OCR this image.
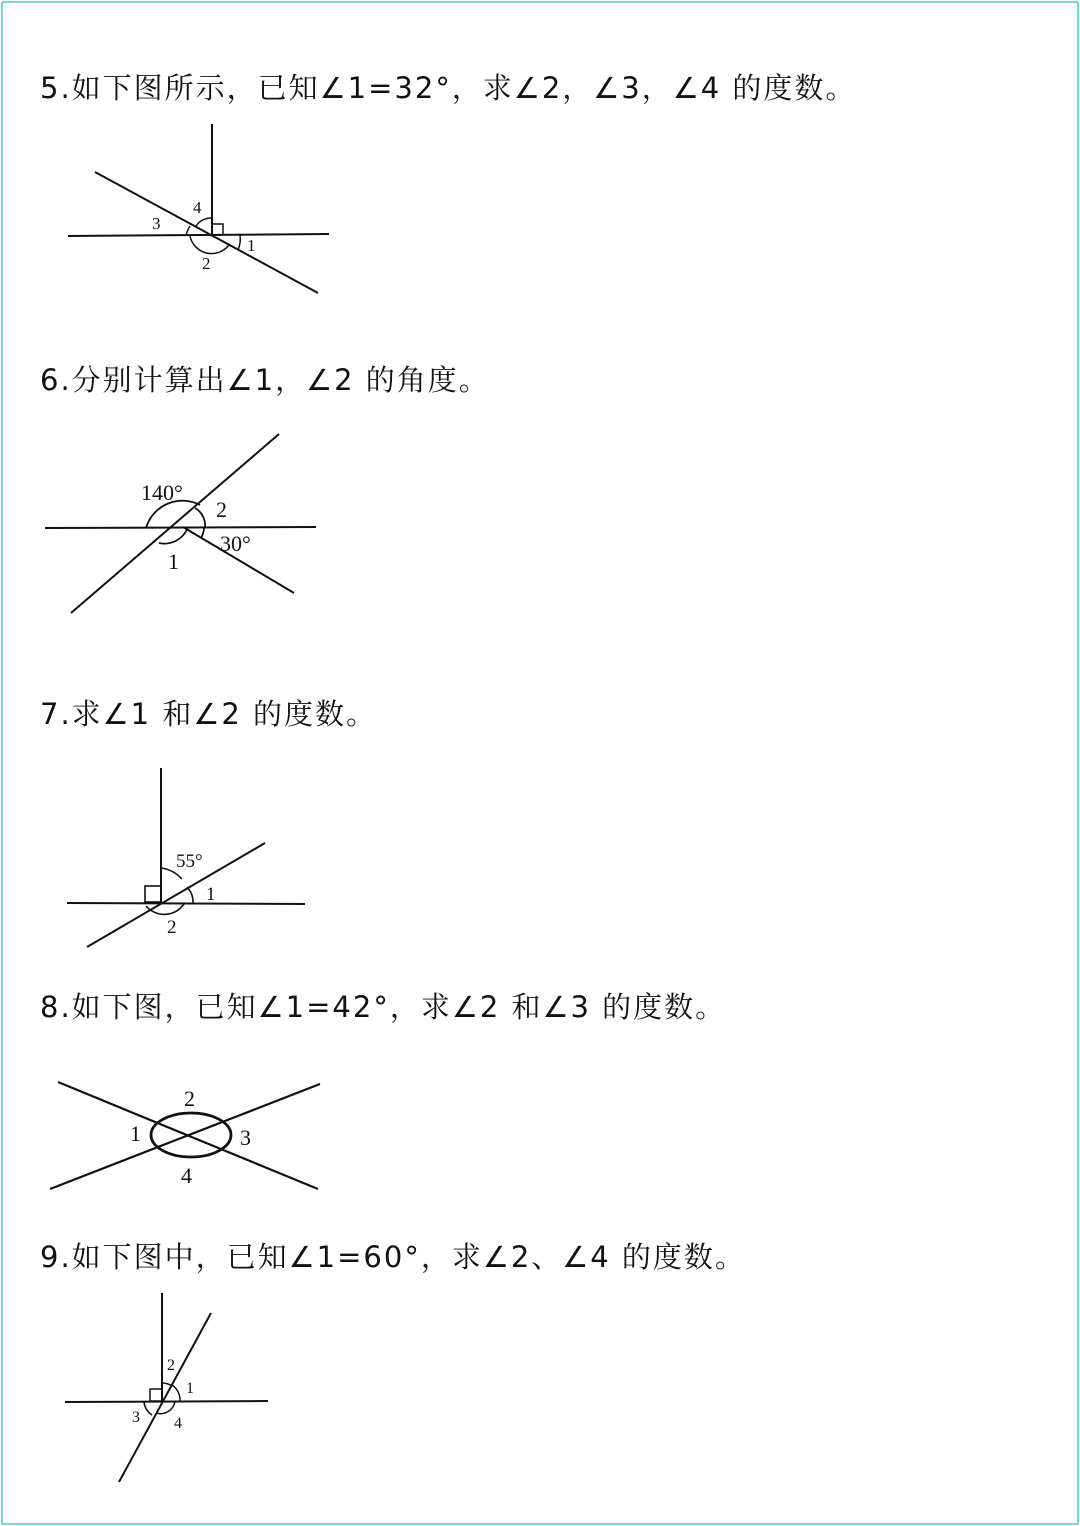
5.如下图所示，已知∠1=32°，求∠2，∠3，∠4 的度数。
1
2
3
4
6.分别计算出∠1，∠2 的角度。
140°
2
30°
1
7.求∠1 和∠2 的度数。
55°
1
2
8.如下图，已知∠1=42°，求∠2 和∠3 的度数。
2
1	3
4
9.如下图中，已知∠1=60°，求∠2、∠4 的度数。
2
1
3 4
